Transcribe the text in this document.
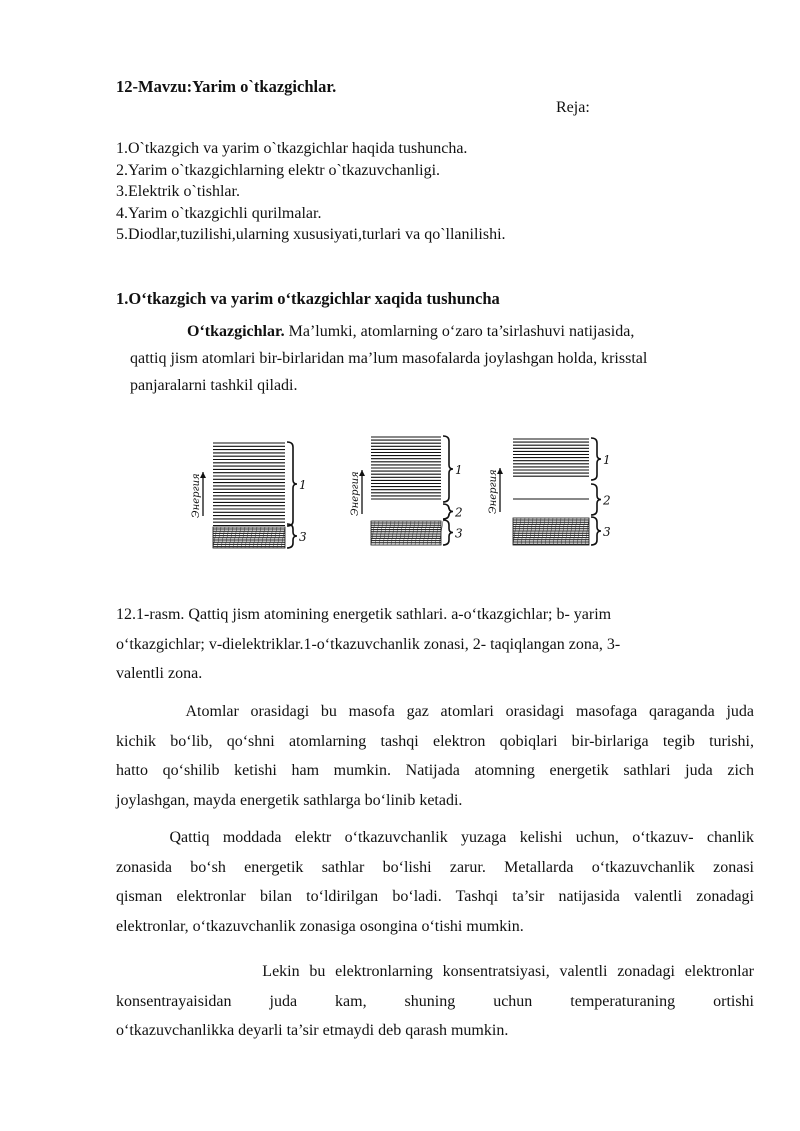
12-Mavzu:Yarim o`tkazgichlar.
Reja:
1.O`tkazgich va yarim o`tkazgichlar haqida tushuncha.
2.Yarim o`tkazgichlarning elektr o`tkazuvchanligi.
3.Elektrik o`tishlar.
4.Yarim o`tkazgichli qurilmalar.
5.Diodlar,tuzilishi,ularning xususiyati,turlari va qo`llanilishi.
1.O‘tkazgich va yarim o‘tkazgichlar xaqida tushuncha
O‘tkazgichlar. Ma’lumki, atomlarning o‘zaro ta’sirlashuvi natijasida,
qattiq jism atomlari bir-birlaridan ma’lum masofalarda joylashgan holda, krisstal
panjaralarni tashkil qiladi.
Энергия	1
3
Энергия
1
2
3
Энергия
1
2
3
12.1-rasm. Qattiq jism atomining energetik sathlari. a-o‘tkazgichlar; b- yarim
o‘tkazgichlar; v-dielektriklar.1-o‘tkazuvchanlik zonasi, 2- taqiqlangan zona, 3-
valentli zona.
Atomlar orasidagi bu masofa gaz atomlari orasidagi masofaga qaraganda juda
kichik bo‘lib, qo‘shni atomlarning tashqi elektron qobiqlari bir-birlariga tegib turishi,
hatto qo‘shilib ketishi ham mumkin. Natijada atomning energetik sathlari juda zich
joylashgan, mayda energetik sathlarga bo‘linib ketadi.
Qattiq moddada elektr o‘tkazuvchanlik yuzaga kelishi uchun, o‘tkazuv- chanlik
zonasida bo‘sh energetik sathlar bo‘lishi zarur. Metallarda o‘tkazuvchanlik zonasi
qisman elektronlar bilan to‘ldirilgan bo‘ladi. Tashqi ta’sir natijasida valentli zonadagi
elektronlar, o‘tkazuvchanlik zonasiga osongina o‘tishi mumkin.
Lekin bu elektronlarning konsentratsiyasi, valentli zonadagi elektronlar
konsentrayaisidan juda kam, shuning uchun temperaturaning ortishi
o‘tkazuvchanlikka deyarli ta’sir etmaydi deb qarash mumkin.
